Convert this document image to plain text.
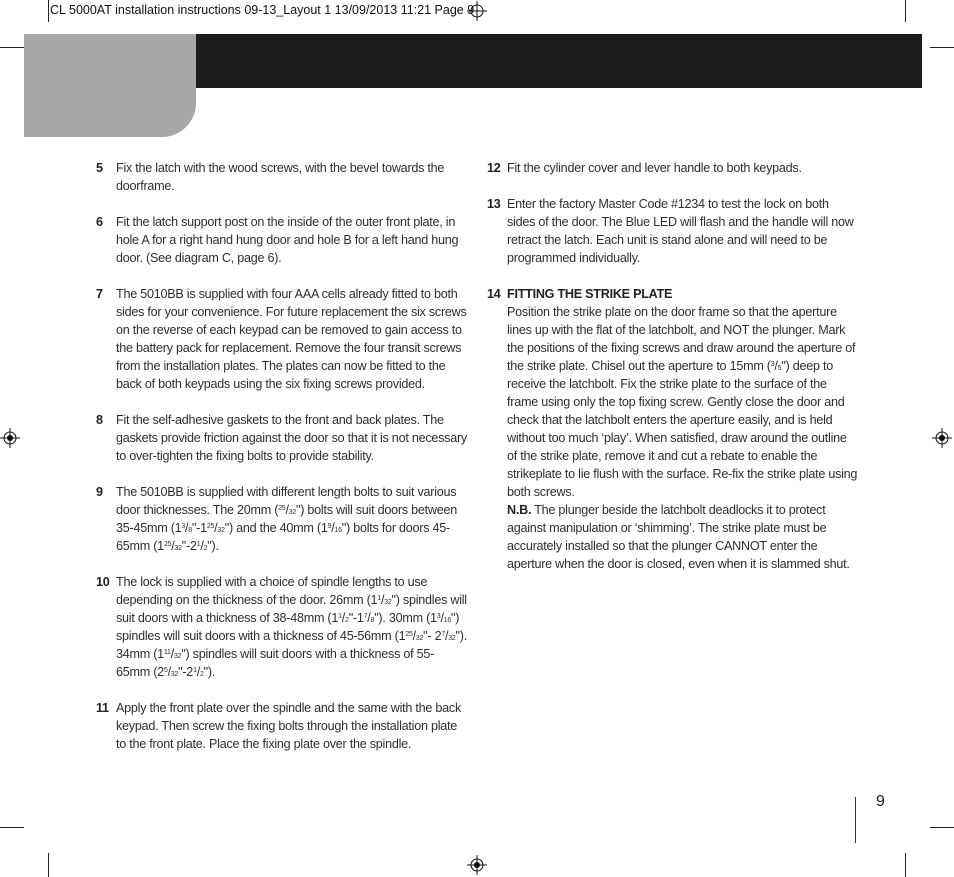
CL 5000AT installation instructions 09-13_Layout 1 13/09/2013 11:21 Page 9
5 Fix the latch with the wood screws, with the bevel towards the doorframe.
6 Fit the latch support post on the inside of the outer front plate, in hole A for a right hand hung door and hole B for a left hand hung door. (See diagram C, page 6).
7 The 5010BB is supplied with four AAA cells already fitted to both sides for your convenience. For future replacement the six screws on the reverse of each keypad can be removed to gain access to the battery pack for replacement. Remove the four transit screws from the installation plates. The plates can now be fitted to the back of both keypads using the six fixing screws provided.
8 Fit the self-adhesive gaskets to the front and back plates. The gaskets provide friction against the door so that it is not necessary to over-tighten the fixing bolts to provide stability.
9 The 5010BB is supplied with different length bolts to suit various door thicknesses. The 20mm ($^{25}$/32") bolts will suit doors between 35-45mm $(1^3/8"-1^{25}/32")$ and the 40mm $(1^9/16")$ bolts for doors 45-65mm $(1^{25}/32"-2^1/2")$.
10 The lock is supplied with a choice of spindle lengths to use depending on the thickness of the door. 26mm $(1^1/32")$ spindles will suit doors with a thickness of 38-48mm $(1^1/2"-1^7/8")$. 30mm $(1^3/16")$ spindles will suit doors with a thickness of 45-56mm ($1^{25}/32"-$ $2^7/32$"). 34mm $(1^{11}/32")$ spindles will suit doors with a thickness of 55-65mm $(2^5/32"-2^1/2")$.
11 Apply the front plate over the spindle and the same with the back keypad. Then screw the fixing bolts through the installation plate to the front plate. Place the fixing plate over the spindle.
12 Fit the cylinder cover and lever handle to both keypads.
13 Enter the factory Master Code #1234 to test the lock on both sides of the door. The Blue LED will flash and the handle will now retract the latch. Each unit is stand alone and will need to be programmed individually.
14 FITTING THE STRIKE PLATE
Position the strike plate on the door frame so that the aperture lines up with the flat of the latchbolt, and NOT the plunger. Mark the positions of the fixing screws and draw around the aperture of the strike plate. Chisel out the aperture to 15mm ($^3$/5") deep to receive the latchbolt. Fix the strike plate to the surface of the frame using only the top fixing screw. Gently close the door and check that the latchbolt enters the aperture easily, and is held without too much ‘play’. When satisfied, draw around the outline of the strike plate, remove it and cut a rebate to enable the strikeplate to lie flush with the surface. Re-fix the strike plate using both screws.
N.B. The plunger beside the latchbolt deadlocks it to protect against manipulation or ‘shimming’. The strike plate must be accurately installed so that the plunger CANNOT enter the aperture when the door is closed, even when it is slammed shut.
9
